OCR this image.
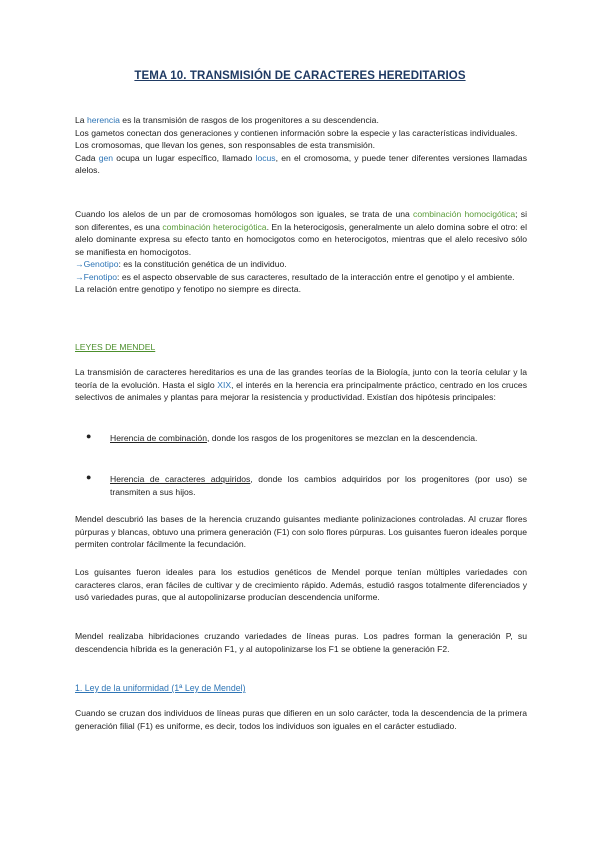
TEMA 10. TRANSMISIÓN DE CARACTERES HEREDITARIOS

La herencia es la transmisión de rasgos de los progenitores a su descendencia.

Los gametos conectan dos generaciones y contienen información sobre la especie y las características individuales.

Los cromosomas, que llevan los genes, son responsables de esta transmisión.

Cada gen ocupa un lugar específico, llamado locus, en el cromosoma, y puede tener diferentes versiones llamadas alelos.

Cuando los alelos de un par de cromosomas homólogos son iguales, se trata de una combinación homocigótica; si son diferentes, es una combinación heterocigótica. En la heterocigosis, generalmente un alelo domina sobre el otro: el alelo dominante expresa su efecto tanto en homocigotos como en heterocigotos, mientras que el alelo recesivo sólo se manifiesta en homocigotos.

→Genotipo: es la constitución genética de un individuo.

→Fenotipo: es el aspecto observable de sus caracteres, resultado de la interacción entre el genotipo y el ambiente.

La relación entre genotipo y fenotipo no siempre es directa.

LEYES DE MENDEL

La transmisión de caracteres hereditarios es una de las grandes teorías de la Biología, junto con la teoría celular y la teoría de la evolución. Hasta el siglo XIX, el interés en la herencia era principalmente práctico, centrado en los cruces selectivos de animales y plantas para mejorar la resistencia y productividad. Existían dos hipótesis principales:

● Herencia de combinación, donde los rasgos de los progenitores se mezclan en la descendencia.
● Herencia de caracteres adquiridos, donde los cambios adquiridos por los progenitores (por uso) se transmiten a sus hijos.
Mendel descubrió las bases de la herencia cruzando guisantes mediante polinizaciones controladas. Al cruzar flores púrpuras y blancas, obtuvo una primera generación (F1) con solo flores púrpuras. Los guisantes fueron ideales porque permiten controlar fácilmente la fecundación.
Los guisantes fueron ideales para los estudios genéticos de Mendel porque tenían múltiples variedades con caracteres claros, eran fáciles de cultivar y de crecimiento rápido. Además, estudió rasgos totalmente diferenciados y usó variedades puras, que al autopolinizarse producían descendencia uniforme.
Mendel realizaba hibridaciones cruzando variedades de líneas puras. Los padres forman la generación P, su descendencia híbrida es la generación F1, y al autopolinizarse los F1 se obtiene la generación F2.
1. Ley de la uniformidad (1ª Ley de Mendel)
Cuando se cruzan dos individuos de líneas puras que difieren en un solo carácter, toda la descendencia de la primera generación filial (F1) es uniforme, es decir, todos los individuos son iguales en el carácter estudiado.
